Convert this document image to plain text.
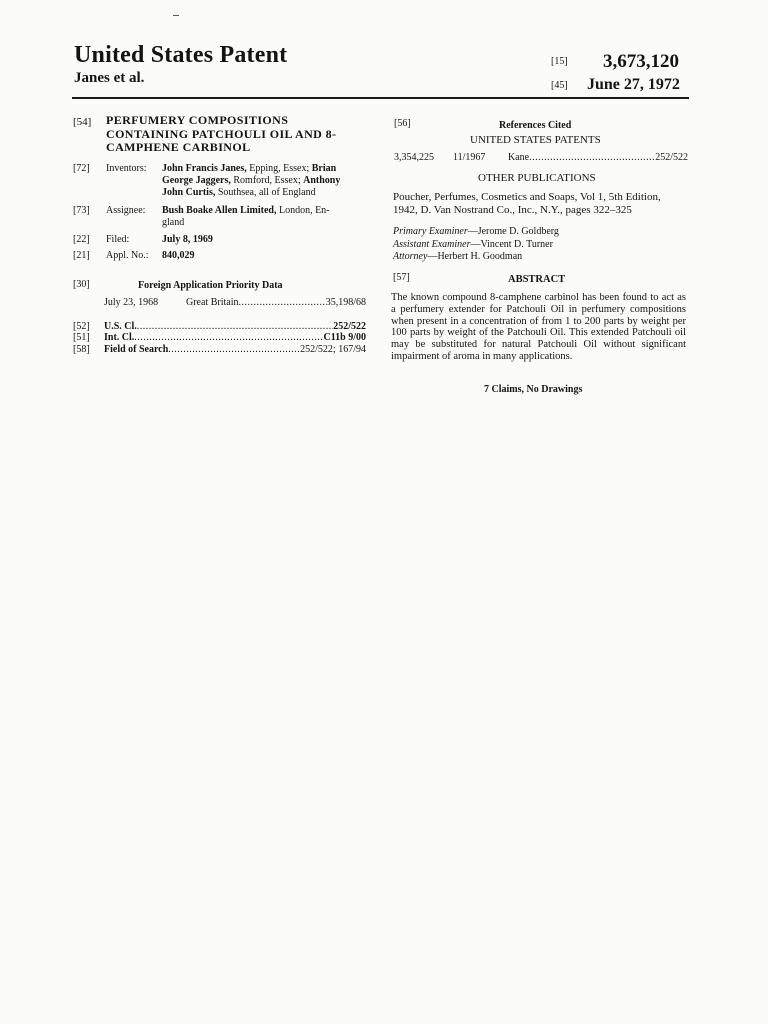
United States Patent
Janes et al.
[15] 3,673,120
[45] June 27, 1972
[54] PERFUMERY COMPOSITIONS
CONTAINING PATCHOULI OIL AND 8-
CAMPHENE CARBINOL
[72] Inventors: John Francis Janes, Epping, Essex; Brian
George Jaggers, Romford, Essex; Anthony
John Curtis, Southsea, all of England
[73] Assignee: Bush Boake Allen Limited, London, En-
gland
[22] Filed:	July 8, 1969
[21] Appl. No.: 840,029
[30]	Foreign Application Priority Data
July 23, 1968	Great Britain .....	35,198/68
[52] U.S. Cl. .....	252/522
[51] Int. Cl. .....	C11b 9/00
[58] Field of Search .....	252/522; 167/94
[56]	References Cited
UNITED STATES PATENTS
3,354,225 11/1967 Kane .....	252/522
OTHER PUBLICATIONS
Poucher, Perfumes, Cosmetics and Soaps, Vol 1, 5th Edition,
1942, D. Van Nostrand Co., Inc., N.Y., pages 322–325
Primary Examiner—Jerome D. Goldberg
Assistant Examiner—Vincent D. Turner
Attorney—Herbert H. Goodman
[57]	ABSTRACT
The known compound 8-camphene carbinol has been found to act as a perfumery extender for Patchouli Oil in perfumery compositions when present in a concentration of from 1 to 200 parts by weight per 100 parts by weight of the Patchouli Oil. This extended Patchouli oil may be substituted for natural Patchouli Oil without significant impairment of aroma in many applications.
7 Claims, No Drawings
